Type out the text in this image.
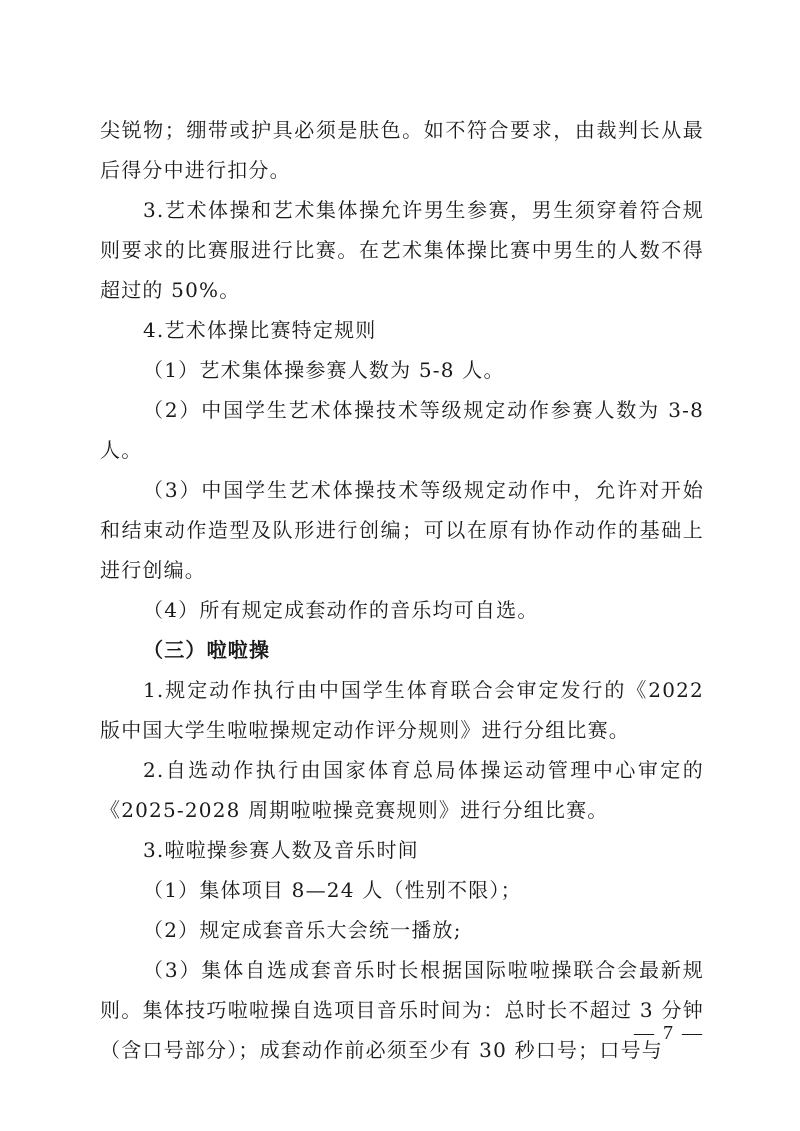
尖锐物；绷带或护具必须是肤色。如不符合要求，由裁判长从最后得分中进行扣分。

3.艺术体操和艺术集体操允许男生参赛，男生须穿着符合规则要求的比赛服进行比赛。在艺术集体操比赛中男生的人数不得超过的 50%。

4.艺术体操比赛特定规则

（1）艺术集体操参赛人数为 5-8 人。

（2）中国学生艺术体操技术等级规定动作参赛人数为 3-8 人。

（3）中国学生艺术体操技术等级规定动作中，允许对开始和结束动作造型及队形进行创编；可以在原有协作动作的基础上进行创编。

（4）所有规定成套动作的音乐均可自选。

（三）啦啦操

1.规定动作执行由中国学生体育联合会审定发行的《2022 版中国大学生啦啦操规定动作评分规则》进行分组比赛。

2.自选动作执行由国家体育总局体操运动管理中心审定的《2025-2028 周期啦啦操竞赛规则》进行分组比赛。

3.啦啦操参赛人数及音乐时间

（1）集体项目 8—24 人（性别不限）；

（2）规定成套音乐大会统一播放;

（3）集体自选成套音乐时长根据国际啦啦操联合会最新规则。集体技巧啦啦操自选项目音乐时间为：总时长不超过 3 分钟（含口号部分）；成套动作前必须至少有 30 秒口号；口号与

— 7 —
